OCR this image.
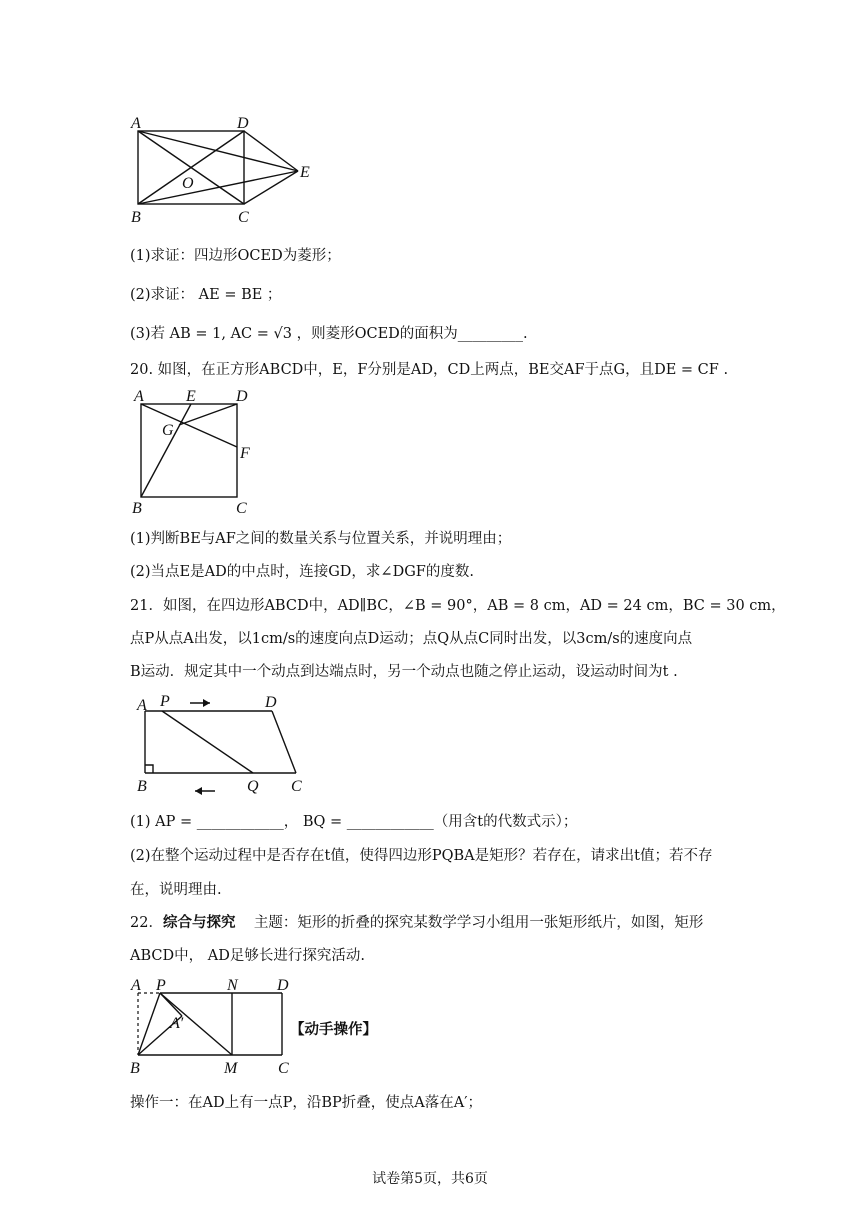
A	D
B	C
O
E
(1)求证：四边形OCED为菱形；
(2)求证： AE = BE ；
(3)若 AB = 1, AC = √3 ，则菱形OCED的面积为_________.
20. 如图，在正方形ABCD中，E，F分别是AD，CD上两点，BE交AF于点G，且DE = CF .
A	E	D
G
F
B	C
(1)判断BE与AF之间的数量关系与位置关系，并说明理由；
(2)当点E是AD的中点时，连接GD，求∠DGF的度数.
21．如图，在四边形ABCD中，AD∥BC，∠B = 90°，AB = 8 cm，AD = 24 cm，BC = 30 cm，
点P从点A出发，以1cm/s的速度向点D运动；点Q从点C同时出发，以3cm/s的速度向点
B运动．规定其中一个动点到达端点时，另一个动点也随之停止运动，设运动时间为t .
A P	D
B	Q C
(1) AP = ____________， BQ = ____________（用含t的代数式示）；
(2)在整个运动过程中是否存在t值，使得四边形PQBA是矩形？若存在，请求出t值；若不存
在，说明理由.
22．综合与探究 主题：矩形的折叠的探究某数学学习小组用一张矩形纸片，如图，矩形
ABCD中， AD足够长进行探究活动.
A P	N D
A′
B	M	C
【动手操作】
操作一：在AD上有一点P，沿BP折叠，使点A落在A′；
试卷第5页，共6页
